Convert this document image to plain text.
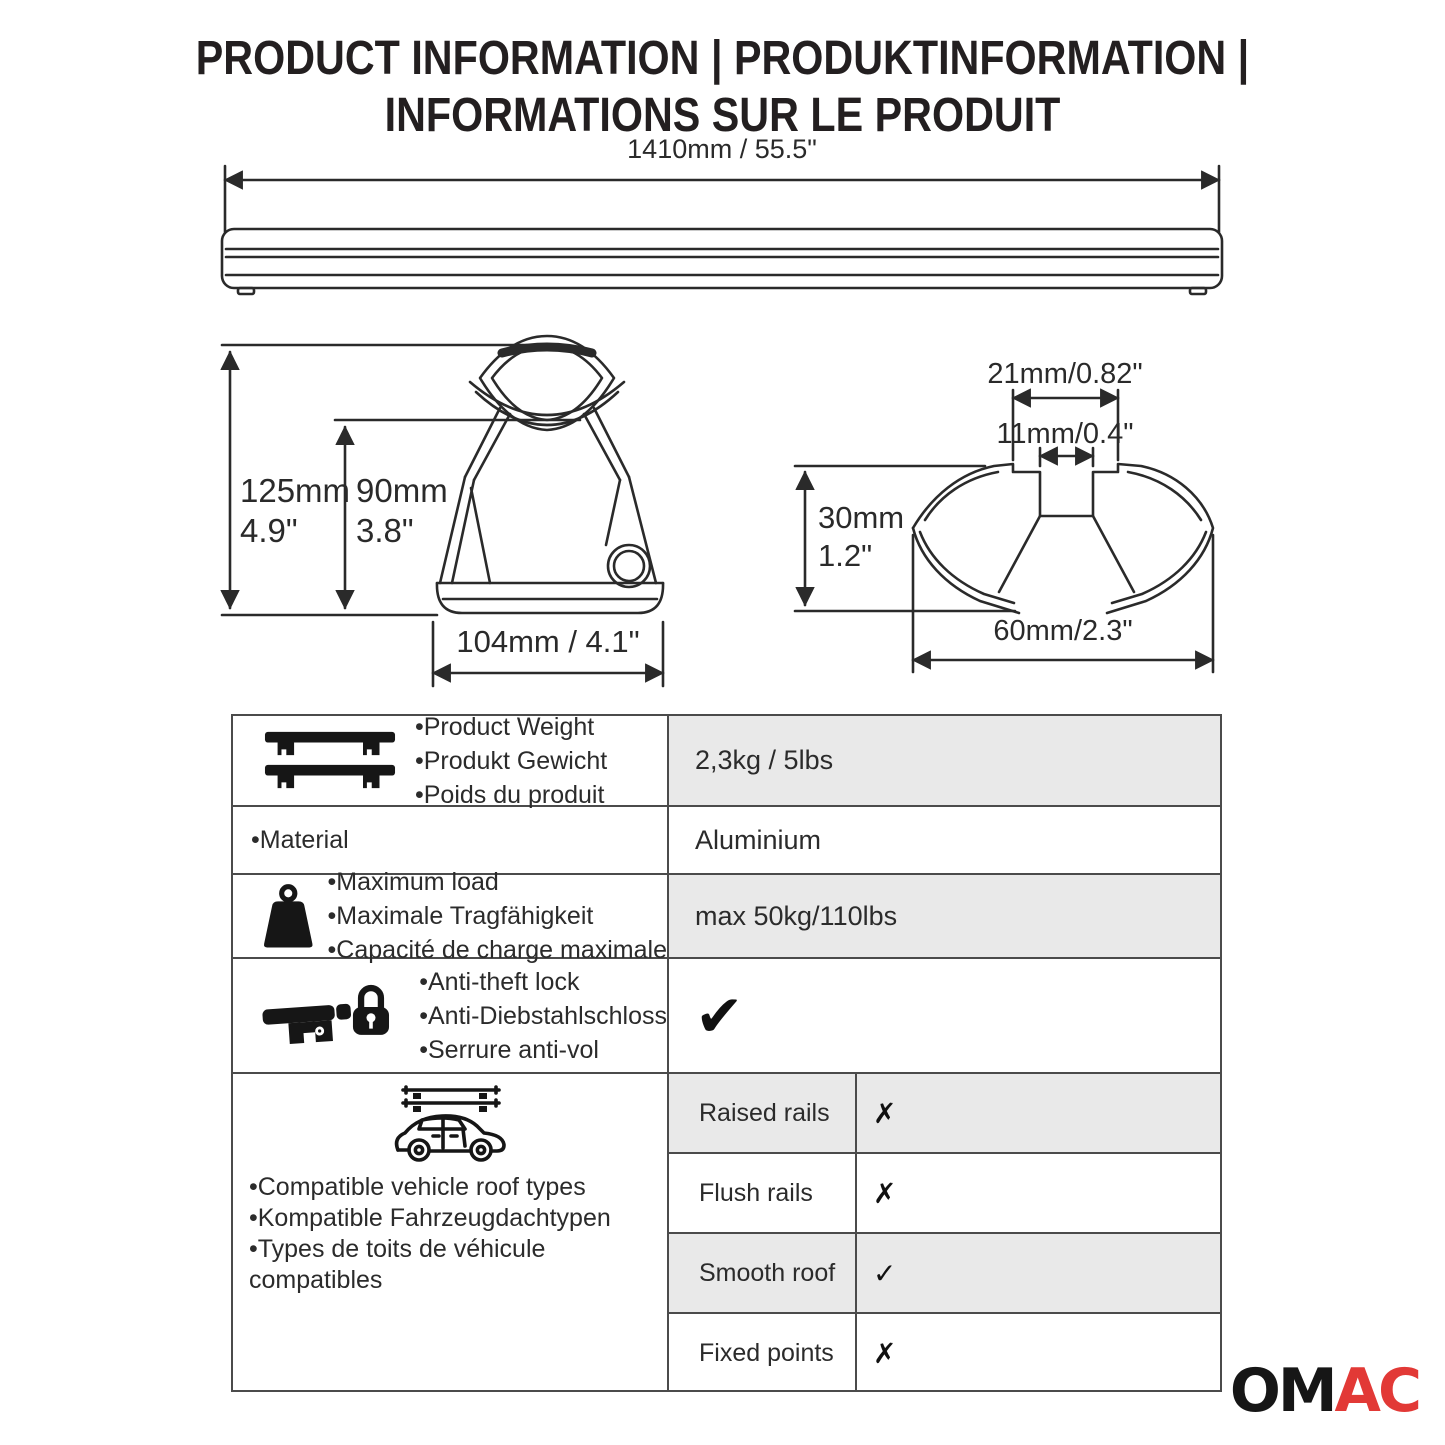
PRODUCT INFORMATION | PRODUKTINFORMATION |
INFORMATIONS SUR LE PRODUIT
1410mm / 55.5"
125mm
4.9"
90mm
3.8"
104mm / 4.1"
21mm/0.82"
11mm/0.4"
30mm
1.2"
60mm/2.3"
•Product Weight
•Produkt Gewicht
•Poids du produit
2,3kg / 5lbs
•Material	Aluminium
•Maximum load
•Maximale Tragfähigkeit
•Capacité de charge maximale
max 50kg/110lbs
•Anti-theft lock
•Anti-Diebstahlschloss
•Serrure anti-vol	✔
•Compatible vehicle roof types
•Kompatible Fahrzeugdachtypen
•Types de toits de véhicule compatibles
Raised rails	✗
Flush rails	✗
Smooth roof	✓
Fixed points	✗
OMAC
